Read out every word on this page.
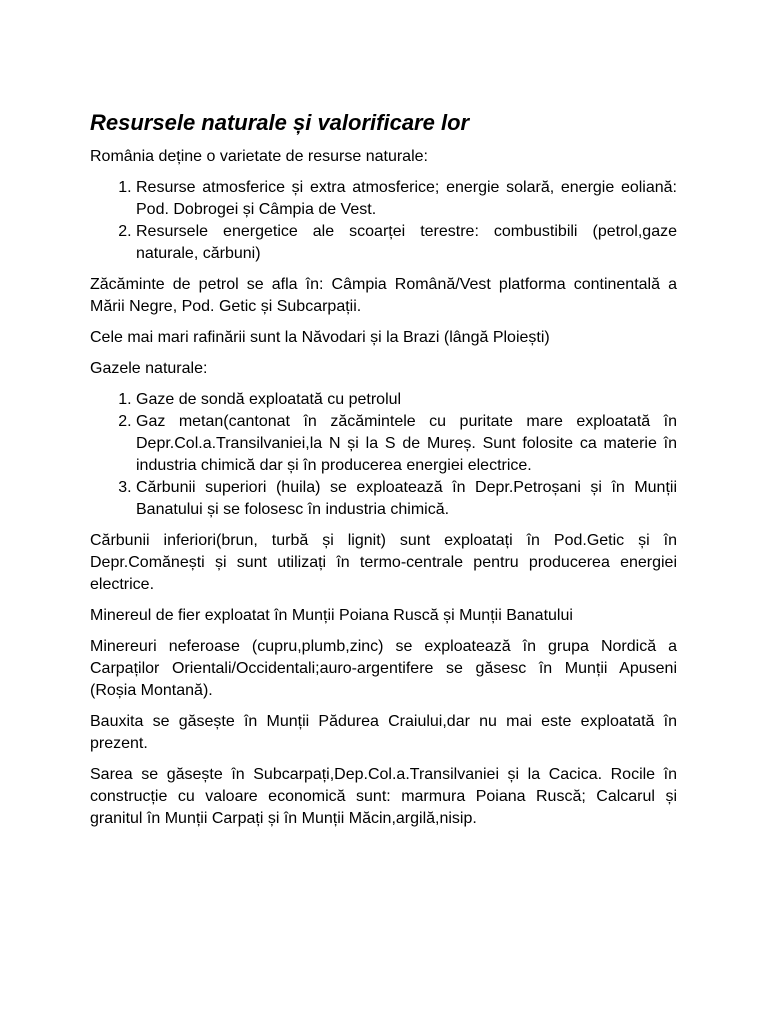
Resursele naturale și valorificare lor

România deține o varietate de resurse naturale:

1. Resurse atmosferice și extra atmosferice; energie solară, energie eoliană: Pod. Dobrogei și Câmpia de Vest.
2. Resursele energetice ale scoarței terestre: combustibili (petrol,gaze naturale, cărbuni)

Zăcăminte de petrol se afla în: Câmpia Română/Vest platforma continentală a Mării Negre, Pod. Getic și Subcarpații.

Cele mai mari rafinării sunt la Năvodari și la Brazi (lângă Ploiești)

Gazele naturale:

1. Gaze de sondă exploatată cu petrolul
2. Gaz metan(cantonat în zăcămintele cu puritate mare exploatată în Depr.Col.a.Transilvaniei,la N și la S de Mureș. Sunt folosite ca materie în industria chimică dar și în producerea energiei electrice.
3. Cărbunii superiori (huila) se exploatează în Depr.Petroșani și în Munții Banatului și se folosesc în industria chimică.

Cărbunii inferiori(brun, turbă și lignit) sunt exploatați în Pod.Getic și în Depr.Comănești și sunt utilizați în termo-centrale pentru producerea energiei electrice.

Minereul de fier exploatat în Munții Poiana Ruscă și Munții Banatului

Minereuri neferoase (cupru,plumb,zinc) se exploatează în grupa Nordică a Carpaților Orientali/Occidentali;auro-argentifere se găsesc în Munții Apuseni (Roșia Montană).

Bauxita se găsește în Munții Pădurea Craiului,dar nu mai este exploatată în prezent.

Sarea se găsește în Subcarpați,Dep.Col.a.Transilvaniei și la Cacica. Rocile în construcție cu valoare economică sunt: marmura Poiana Ruscă; Calcarul și granitul în Munții Carpați și în Munții Măcin,argilă,nisip.
